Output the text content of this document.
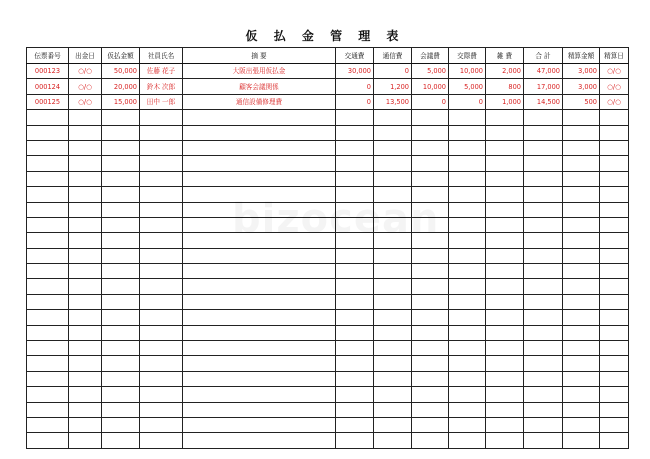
仮 払 金 管 理 表
伝票番号	出金日	仮払金額	社員氏名	摘 要	交通費	通信費	会議費	交際費	雑 費	合 計	精算金額	精算日
000123	○/○	50,000	佐藤 花子	大阪出張用仮払金	30,000	0	5,000	10,000	2,000	47,000	3,000	○/○
000124	○/○	20,000	鈴木 次郎	顧客会議関係	0	1,200	10,000	5,000	800	17,000	3,000	○/○
000125	○/○	15,000	田中 一郎	通信設備修理費	0	13,500	0	0	1,000	14,500	500	○/○
